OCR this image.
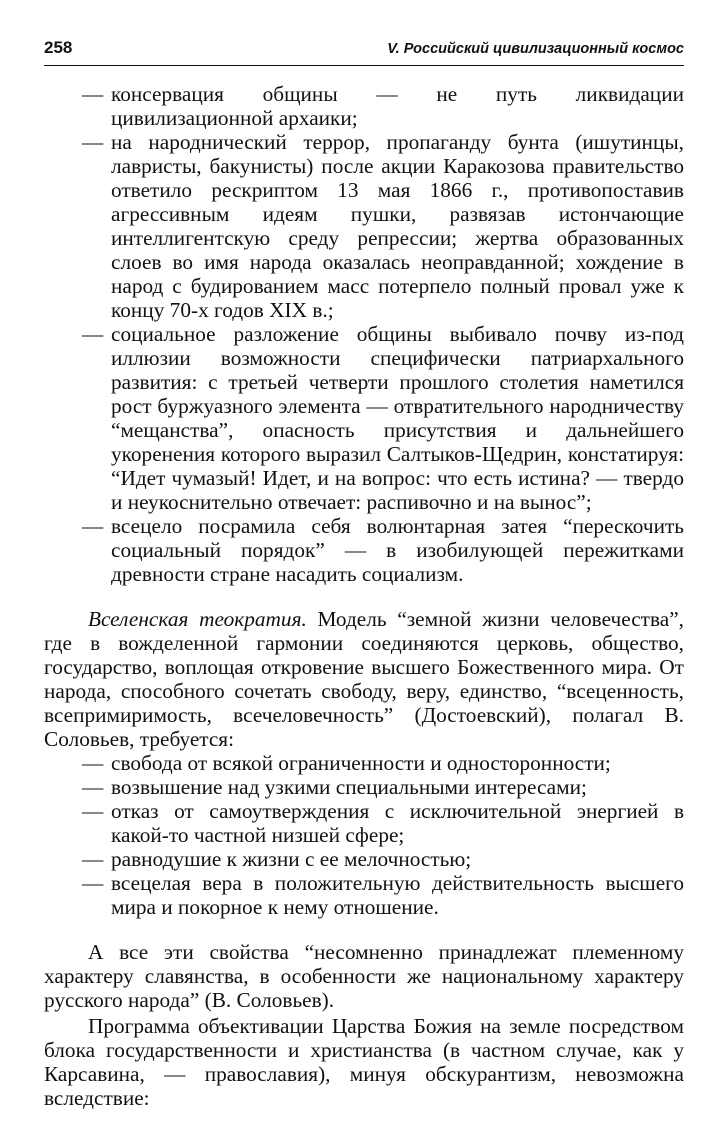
258	V. Российский цивилизационный космос
— консервация общины — не путь ликвидации цивилизационной архаики;
— на народнический террор, пропаганду бунта (ишутинцы, лавристы, бакунисты) после акции Каракозова правительство ответило рескриптом 13 мая 1866 г., противопоставив агрессивным идеям пушки, развязав истончающие интеллигентскую среду репрессии; жертва образованных слоев во имя народа оказалась неоправданной; хождение в народ с будированием масс потерпело полный провал уже к концу 70-х годов XIX в.;
— социальное разложение общины выбивало почву из-под иллюзии возможности специфически патриархального развития: с третьей четверти прошлого столетия наметился рост буржуазного элемента — отвратительного народничеству “мещанства”, опасность присутствия и дальнейшего укоренения которого выразил Салтыков-Щедрин, констатируя: “Идет чумазый! Идет, и на вопрос: что есть истина? — твердо и неукоснительно отвечает: распивочно и на вынос”;
— всецело посрамила себя волюнтарная затея “перескочить социальный порядок” — в изобилующей пережитками древности стране насадить социализм.

Вселенская теократия. Модель “земной жизни человечества”, где в вожделенной гармонии соединяются церковь, общество, государство, воплощая откровение высшего Божественного мира. От народа, способного сочетать свободу, веру, единство, “всеценность, всепримиримость, всечеловечность” (Достоевский), полагал В. Соловьев, требуется:

— свобода от всякой ограниченности и односторонности;
— возвышение над узкими специальными интересами;
— отказ от самоутверждения с исключительной энергией в какой-то частной низшей сфере;
— равнодушие к жизни с ее мелочностью;
— всецелая вера в положительную действительность высшего мира и покорное к нему отношение.

А все эти свойства “несомненно принадлежат племенному характеру славянства, в особенности же национальному характеру русского народа” (В. Соловьев).

Программа объективации Царства Божия на земле посредством блока государственности и христианства (в частном случае, как у Карсавина, — православия), минуя обскурантизм, невозможна вследствие:
